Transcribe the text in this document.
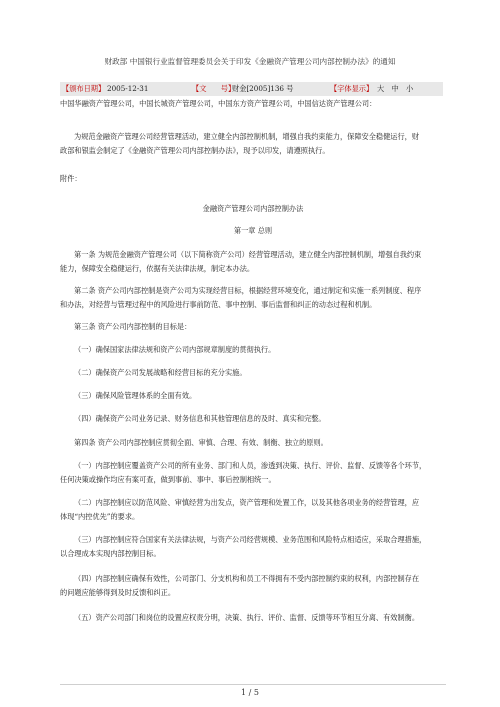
财政部 中国银行业监督管理委员会关于印发《金融资产管理公司内部控制办法》的通知
【颁布日期】 2005-12-31	【文　　号】
财金[2005]136 号	【字体显示】 大 中 小
中国华融资产管理公司，中国长城资产管理公司，中国东方资产管理公司，中国信达资产管理公司：
为规范金融资产管理公司经营管理活动，建立健全内部控制机制，增强自我约束能力，保障安全稳健运行，财
政部和银监会制定了《金融资产管理公司内部控制办法》，现予以印发，请遵照执行。
附件：
金融资产管理公司内部控制办法
第一章 总则
第一条 为规范金融资产管理公司（以下简称资产公司）经营管理活动，建立健全内部控制机制，增强自我约束
能力，保障安全稳健运行，依据有关法律法规，制定本办法。
第二条 资产公司内部控制是资产公司为实现经营目标，根据经营环境变化，通过制定和实施一系列制度、程序
和办法，对经营与管理过程中的风险进行事前防范、事中控制、事后监督和纠正的动态过程和机制。
第三条 资产公司内部控制的目标是：
（一）确保国家法律法规和资产公司内部规章制度的贯彻执行。
（二）确保资产公司发展战略和经营目标的充分实施。
（三）确保风险管理体系的全面有效。
（四）确保资产公司业务记录、财务信息和其他管理信息的及时、真实和完整。
第四条 资产公司内部控制应贯彻全面、审慎、合理、有效、制衡、独立的原则。
（一）内部控制应覆盖资产公司的所有业务、部门和人员，渗透到决策、执行、评价、监督、反馈等各个环节，
任何决策或操作均应有案可查，做到事前、事中、事后控制相统一。
（二）内部控制应以防范风险、审慎经营为出发点，资产管理和处置工作，以及其他各项业务的经营管理，应
体现“内控优先”的要求。
（三）内部控制应符合国家有关法律法规，与资产公司经营规模、业务范围和风险特点相适应，采取合理措施，
以合理成本实现内部控制目标。
（四）内部控制应确保有效性，公司部门、分支机构和员工不得拥有不受内部控制约束的权利，内部控制存在
的问题应能够得到及时反馈和纠正。
（五）资产公司部门和岗位的设置应权责分明，决策、执行、评价、监督、反馈等环节相互分离、有效制衡。
1 / 5
